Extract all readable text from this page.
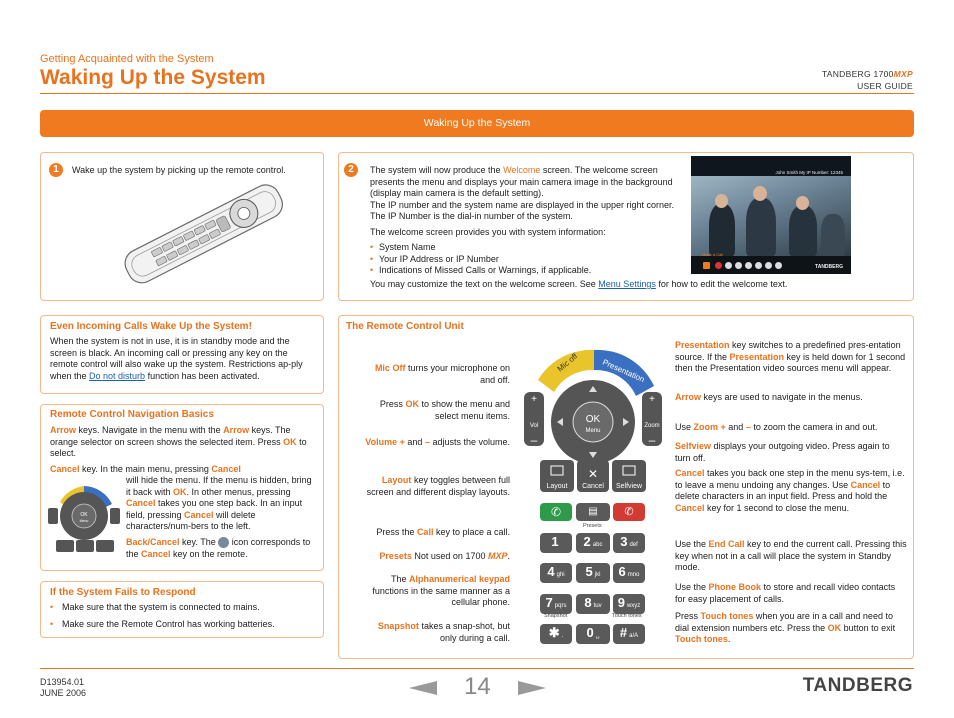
Getting Acquainted with the System
Waking Up the System	TANDBERG 1700MXP
USER GUIDE
Waking Up the System
1	Wake up the system by picking up the remote control.	2	The system will now produce the Welcome screen. The welcome screen presents the menu and displays your main camera image in the background (display main camera is the default setting).

The IP number and the system name are displayed in the upper right corner. The IP Number is the dial-in number of the system.

The welcome screen provides you with system information:

• System Name
• Your IP Address or IP Number
• Indications of Missed Calls or Warnings, if applicable.
You may customize the text on the welcome screen. See Menu Settings for how to edit the welcome text.
John Smith My IP Number: 12345
Make a Call
TANDBERG
Even Incoming Calls Wake Up the System!
When the system is not in use, it is in standby mode and the screen is black. An incoming call or pressing any key on the remote control will also wake up the system. Restrictions ap-ply when the Do not disturb function has been activated.
Remote Control Navigation Basics
Arrow keys. Navigate in the menu with the Arrow keys. The orange selector on screen shows the selected item. Press OK to select.
Cancel key. In the main menu, pressing Cancel
will hide the menu. If the menu is hidden, bring it back with OK. In other menus, pressing Cancel takes you one step back. In an input field, pressing Cancel will delete characters/num-bers to the left.
Back/Cancel key. The  icon corresponds to the Cancel key on the remote.
OK
Menu
If the System Fails to Respond
• Make sure that the system is connected to mains.
• Make sure the Remote Control has working batteries.
The Remote Control Unit
Mic Off turns your microphone on and off.
Press OK to show the menu and select menu items.
Volume + and – adjusts the volume.
Layout key toggles between full screen and different display layouts.
Press the Call key to place a call.
Presets Not used on 1700 MXP.
The Alphanumerical keypad functions in the same manner as a cellular phone.
Snapshot takes a snap-shot, but only during a call.
Presentation key switches to a predefined pres-entation source. If the Presentation key is held down for 1 second then the Presentation video sources menu will appear.
Arrow keys are used to navigate in the menus.
Use Zoom + and – to zoom the camera in and out.
Selfview displays your outgoing video. Press again to turn off.
Cancel takes you back one step in the menu sys-tem, i.e. to leave a menu undoing any changes. Use Cancel to delete characters in an input field. Press and hold the Cancel key for 1 second to close the menu.
Use the End Call key to end the current call. Pressing this key when not in a call will place the system in Standby mode.
Use the Phone Book to store and recall video contacts for easy placement of calls.
Press Touch tones when you are in a call and need to dial extension numbers etc. Press the OK button to exit Touch tones.
Mic off	Presentation
+
–
+
–
Vol	Zoom
OK
Menu
✕
Layout Cancel Selfview
✆	▤	✆
Presets
1	2 abc	3 def
4 ghi	5 jkl	6 mno
7 pqrs	8 tuv	9 wxyz
Snapshot	Touch tones
✱ .	0 ␣	# a/A
D13954.01
JUNE 2006	14	TANDBERG
